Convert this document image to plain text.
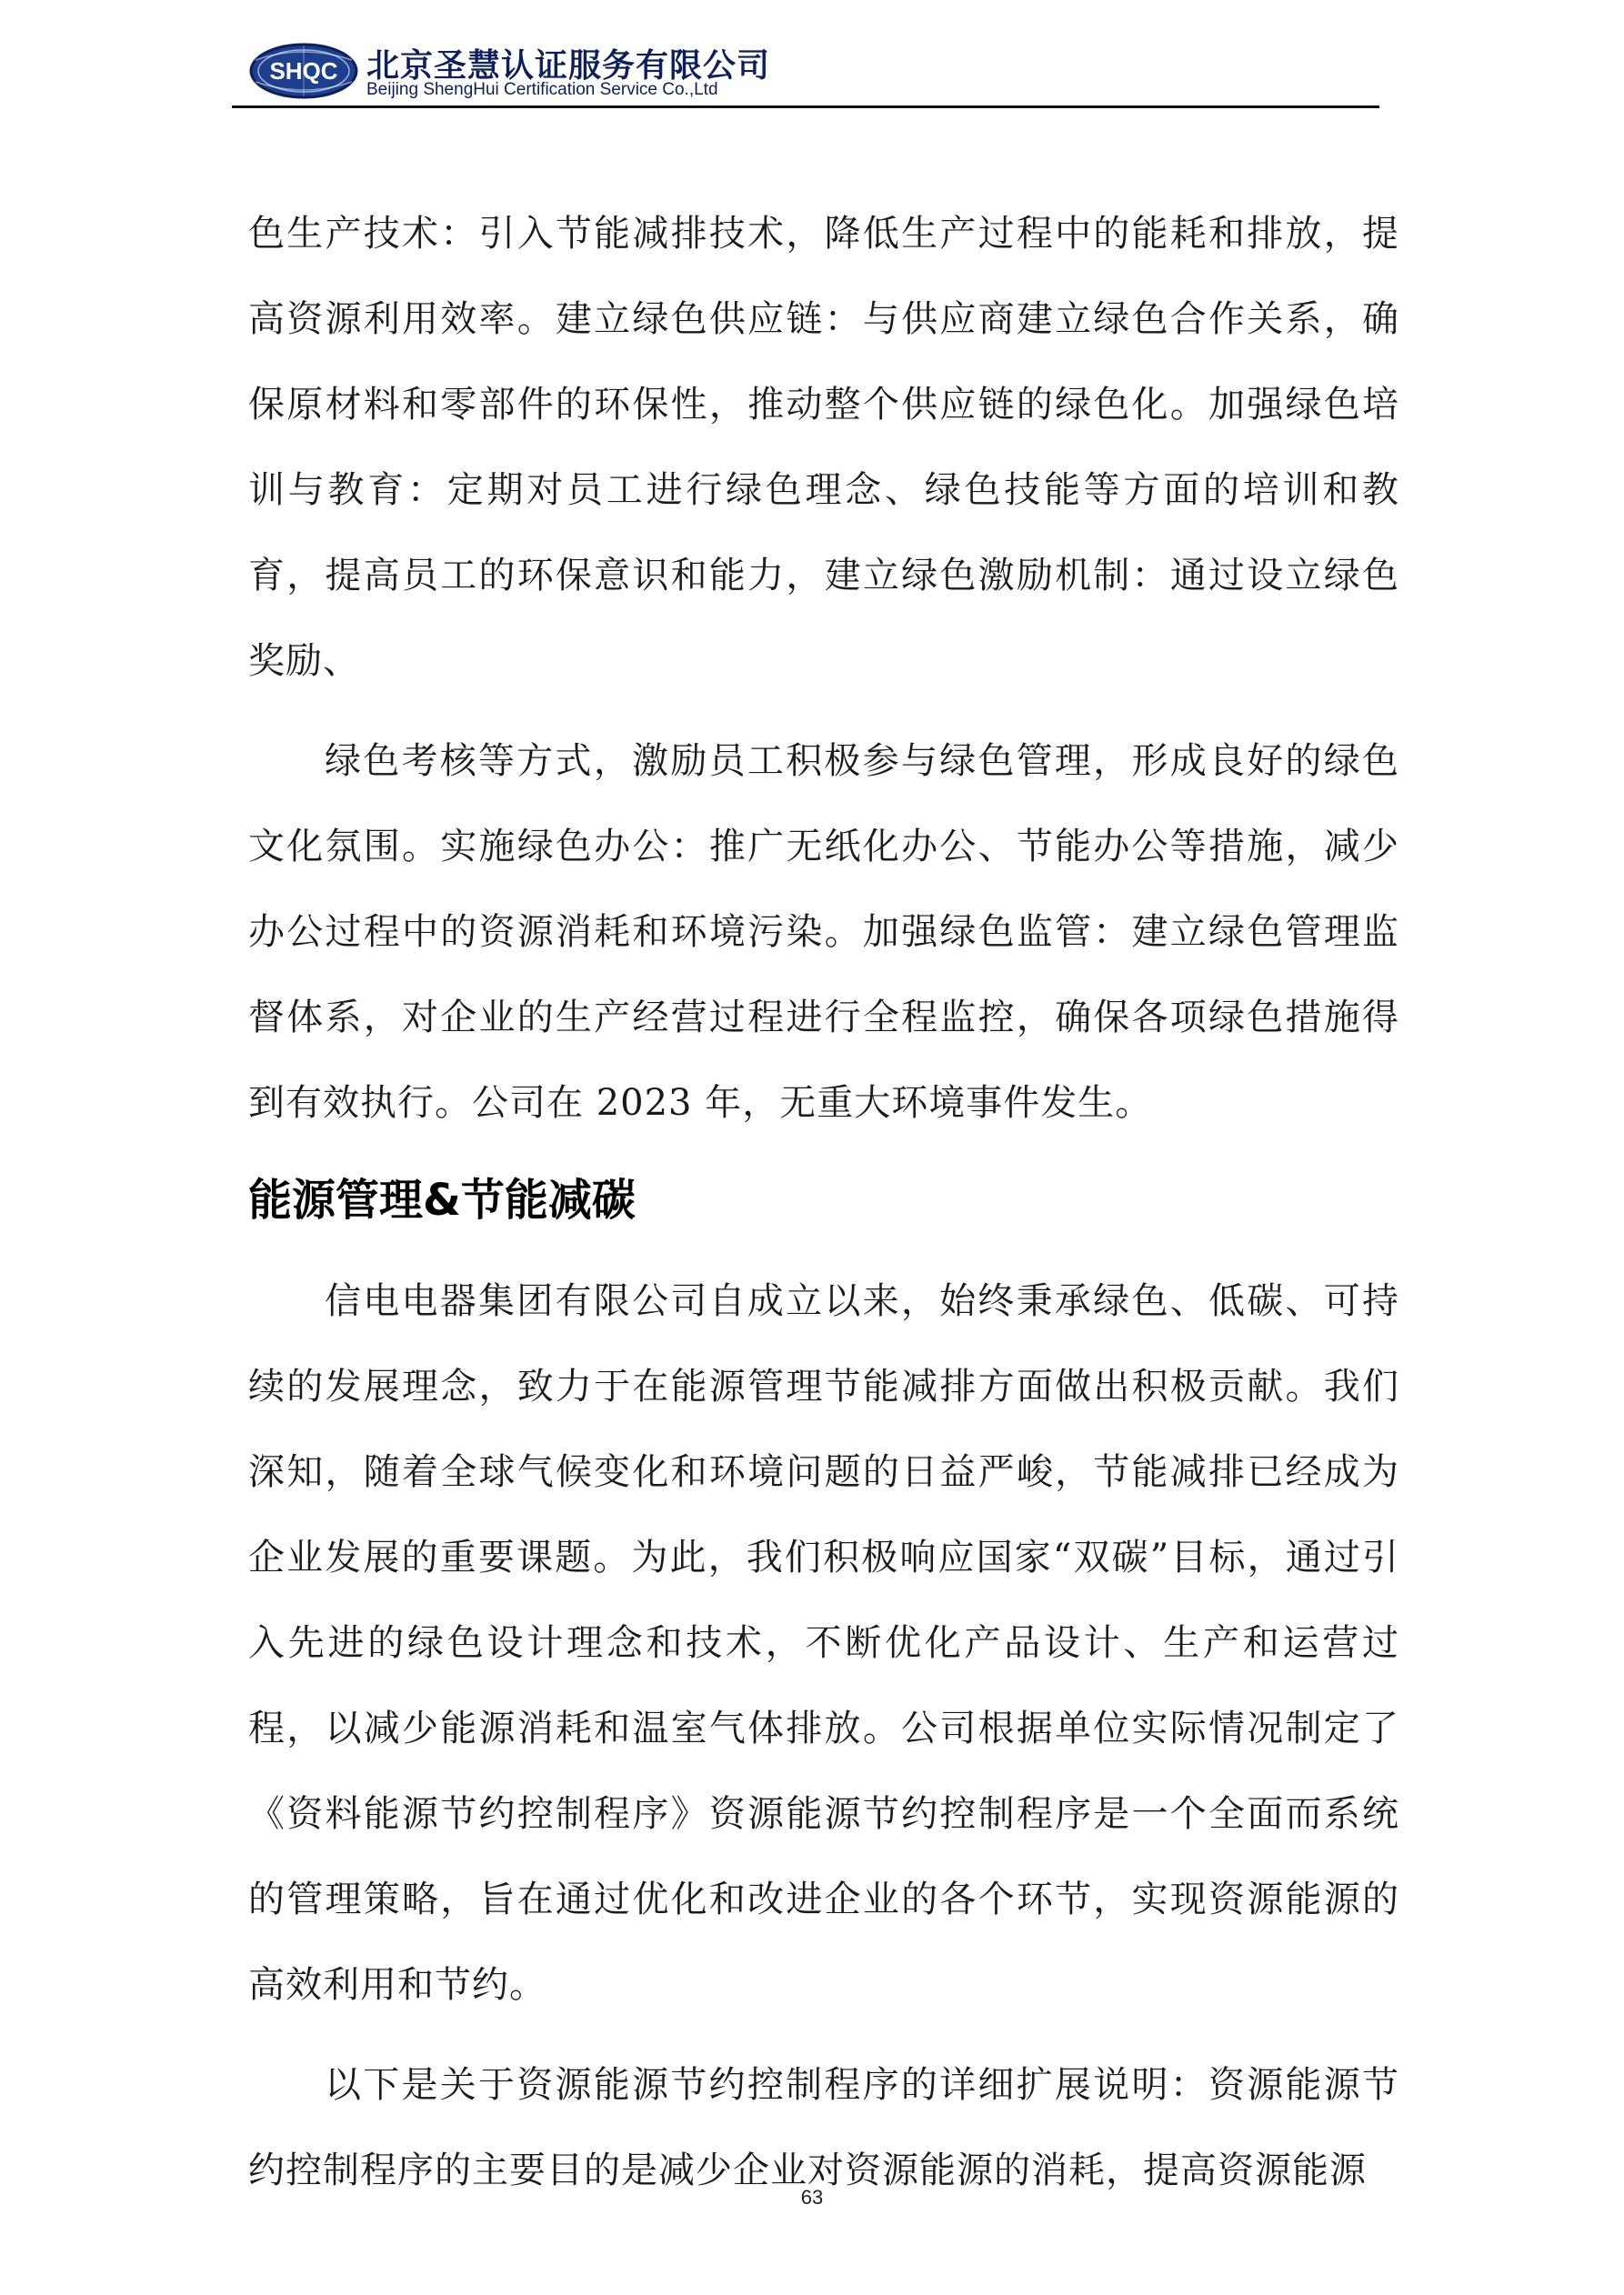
SHQC 北京圣慧认证服务有限公司
Beijing ShengHui Certification Service Co.,Ltd

色生产技术：引入节能减排技术，降低生产过程中的能耗和排放，提高资源利用效率。建立绿色供应链：与供应商建立绿色合作关系，确保原材料和零部件的环保性，推动整个供应链的绿色化。加强绿色培训与教育：定期对员工进行绿色理念、绿色技能等方面的培训和教育，提高员工的环保意识和能力，建立绿色激励机制：通过设立绿色奖励、

绿色考核等方式，激励员工积极参与绿色管理，形成良好的绿色文化氛围。实施绿色办公：推广无纸化办公、节能办公等措施，减少办公过程中的资源消耗和环境污染。加强绿色监管：建立绿色管理监督体系，对企业的生产经营过程进行全程监控，确保各项绿色措施得到有效执行。公司在 2023 年，无重大环境事件发生。

能源管理&节能减碳

信电电器集团有限公司自成立以来，始终秉承绿色、低碳、可持续的发展理念，致力于在能源管理节能减排方面做出积极贡献。我们深知，随着全球气候变化和环境问题的日益严峻，节能减排已经成为企业发展的重要课题。为此，我们积极响应国家“双碳”目标，通过引入先进的绿色设计理念和技术，不断优化产品设计、生产和运营过程，以减少能源消耗和温室气体排放。公司根据单位实际情况制定了《资料能源节约控制程序》资源能源节约控制程序是一个全面而系统的管理策略，旨在通过优化和改进企业的各个环节，实现资源能源的高效利用和节约。

以下是关于资源能源节约控制程序的详细扩展说明：资源能源节约控制程序的主要目的是减少企业对资源能源的消耗，提高资源能源

63
